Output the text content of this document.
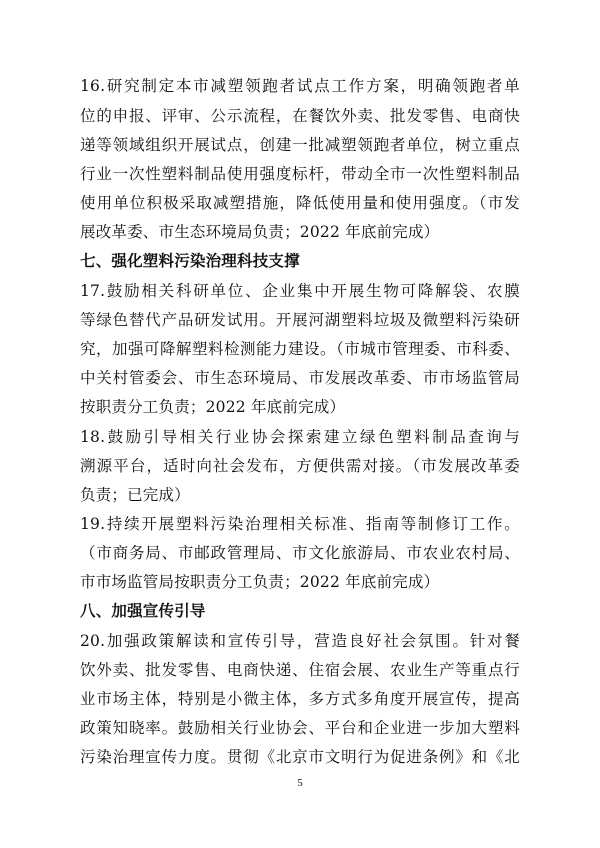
16.研究制定本市减塑领跑者试点工作方案，明确领跑者单
位的申报、评审、公示流程，在餐饮外卖、批发零售、电商快
递等领域组织开展试点，创建一批减塑领跑者单位，树立重点
行业一次性塑料制品使用强度标杆，带动全市一次性塑料制品
使用单位积极采取减塑措施，降低使用量和使用强度。（市发
展改革委、市生态环境局负责；2022 年底前完成）
七、强化塑料污染治理科技支撑
17.鼓励相关科研单位、企业集中开展生物可降解袋、农膜
等绿色替代产品研发试用。开展河湖塑料垃圾及微塑料污染研
究，加强可降解塑料检测能力建设。（市城市管理委、市科委、
中关村管委会、市生态环境局、市发展改革委、市市场监管局
按职责分工负责；2022 年底前完成）
18.鼓励引导相关行业协会探索建立绿色塑料制品查询与
溯源平台，适时向社会发布，方便供需对接。（市发展改革委
负责；已完成）
19.持续开展塑料污染治理相关标准、指南等制修订工作。
（市商务局、市邮政管理局、市文化旅游局、市农业农村局、
市市场监管局按职责分工负责；2022 年底前完成）
八、加强宣传引导
20.加强政策解读和宣传引导，营造良好社会氛围。针对餐
饮外卖、批发零售、电商快递、住宿会展、农业生产等重点行
业市场主体，特别是小微主体，多方式多角度开展宣传，提高
政策知晓率。鼓励相关行业协会、平台和企业进一步加大塑料
污染治理宣传力度。贯彻《北京市文明行为促进条例》和《北
5
